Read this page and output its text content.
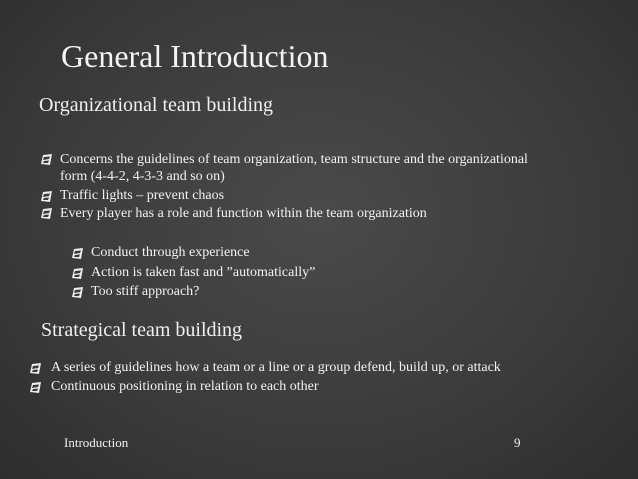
General Introduction
Organizational team building
Concerns the guidelines of team organization, team structure and the organizational form (4-4-2, 4-3-3 and so on)
Traffic lights – prevent chaos
Every player has a role and function within the team organization
Conduct through experience
Action is taken fast and ”automatically”
Too stiff approach?
Strategical team building
A series of guidelines how a team or a line or a group defend, build up, or attack
Continuous positioning in relation to each other
Introduction	9
